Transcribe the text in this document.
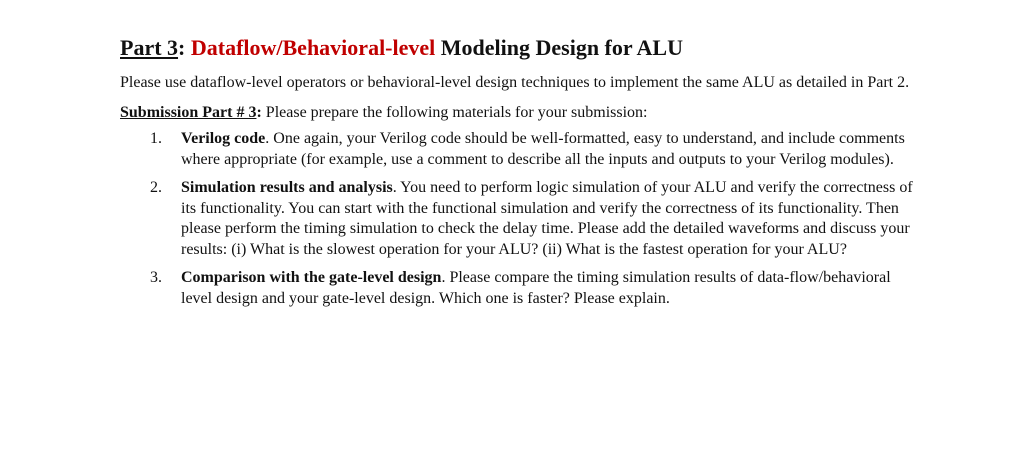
Part 3: Dataflow/Behavioral-level Modeling Design for ALU

Please use dataflow-level operators or behavioral-level design techniques to implement the same ALU as detailed in Part 2.

Submission Part # 3: Please prepare the following materials for your submission:

1. Verilog code. One again, your Verilog code should be well-formatted, easy to understand, and include comments where appropriate (for example, use a comment to describe all the inputs and outputs to your Verilog modules).
2. Simulation results and analysis. You need to perform logic simulation of your ALU and verify the correctness of its functionality. You can start with the functional simulation and verify the correctness of its functionality. Then please perform the timing simulation to check the delay time. Please add the detailed waveforms and discuss your results: (i) What is the slowest operation for your ALU? (ii) What is the fastest operation for your ALU?
3. Comparison with the gate-level design. Please compare the timing simulation results of data-flow/behavioral level design and your gate-level design. Which one is faster? Please explain.
